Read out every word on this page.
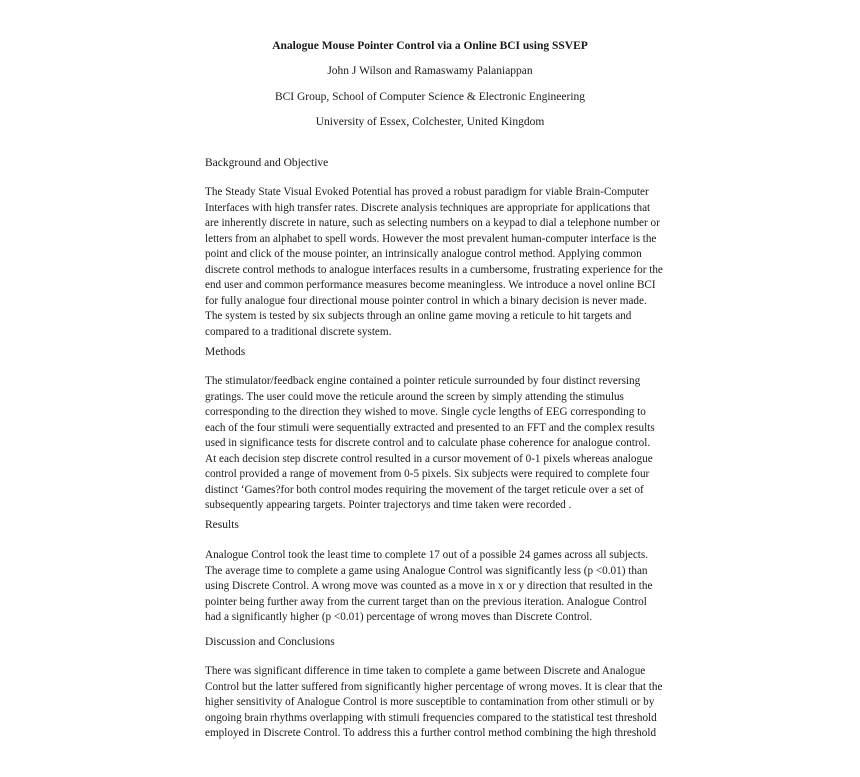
Analogue Mouse Pointer Control via a Online BCI using SSVEP
John J Wilson and Ramaswamy Palaniappan
BCI Group, School of Computer Science & Electronic Engineering
University of Essex, Colchester, United Kingdom
Background and Objective
The Steady State Visual Evoked Potential has proved a robust paradigm for viable Brain-Computer
Interfaces with high transfer rates. Discrete analysis techniques are appropriate for applications that
are inherently discrete in nature, such as selecting numbers on a keypad to dial a telephone number or
letters from an alphabet to spell words. However the most prevalent human-computer interface is the
point and click of the mouse pointer, an intrinsically analogue control method. Applying common
discrete control methods to analogue interfaces results in a cumbersome, frustrating experience for the
end user and common performance measures become meaningless. We introduce a novel online BCI
for fully analogue four directional mouse pointer control in which a binary decision is never made.
The system is tested by six subjects through an online game moving a reticule to hit targets and
compared to a traditional discrete system.
Methods
The stimulator/feedback engine contained a pointer reticule surrounded by four distinct reversing
gratings. The user could move the reticule around the screen by simply attending the stimulus
corresponding to the direction they wished to move. Single cycle lengths of EEG corresponding to
each of the four stimuli were sequentially extracted and presented to an FFT and the complex results
used in significance tests for discrete control and to calculate phase coherence for analogue control.
At each decision step discrete control resulted in a cursor movement of 0-1 pixels whereas analogue
control provided a range of movement from 0-5 pixels. Six subjects were required to complete four
distinct ‘Games?for both control modes requiring the movement of the target reticule over a set of
subsequently appearing targets. Pointer trajectorys and time taken were recorded .
Results
Analogue Control took the least time to complete 17 out of a possible 24 games across all subjects.
The average time to complete a game using Analogue Control was significantly less (p <0.01) than
using Discrete Control. A wrong move was counted as a move in x or y direction that resulted in the
pointer being further away from the current target than on the previous iteration. Analogue Control
had a significantly higher (p <0.01) percentage of wrong moves than Discrete Control.
Discussion and Conclusions
There was significant difference in time taken to complete a game between Discrete and Analogue
Control but the latter suffered from significantly higher percentage of wrong moves. It is clear that the
higher sensitivity of Analogue Control is more susceptible to contamination from other stimuli or by
ongoing brain rhythms overlapping with stimuli frequencies compared to the statistical test threshold
employed in Discrete Control. To address this a further control method combining the high threshold
